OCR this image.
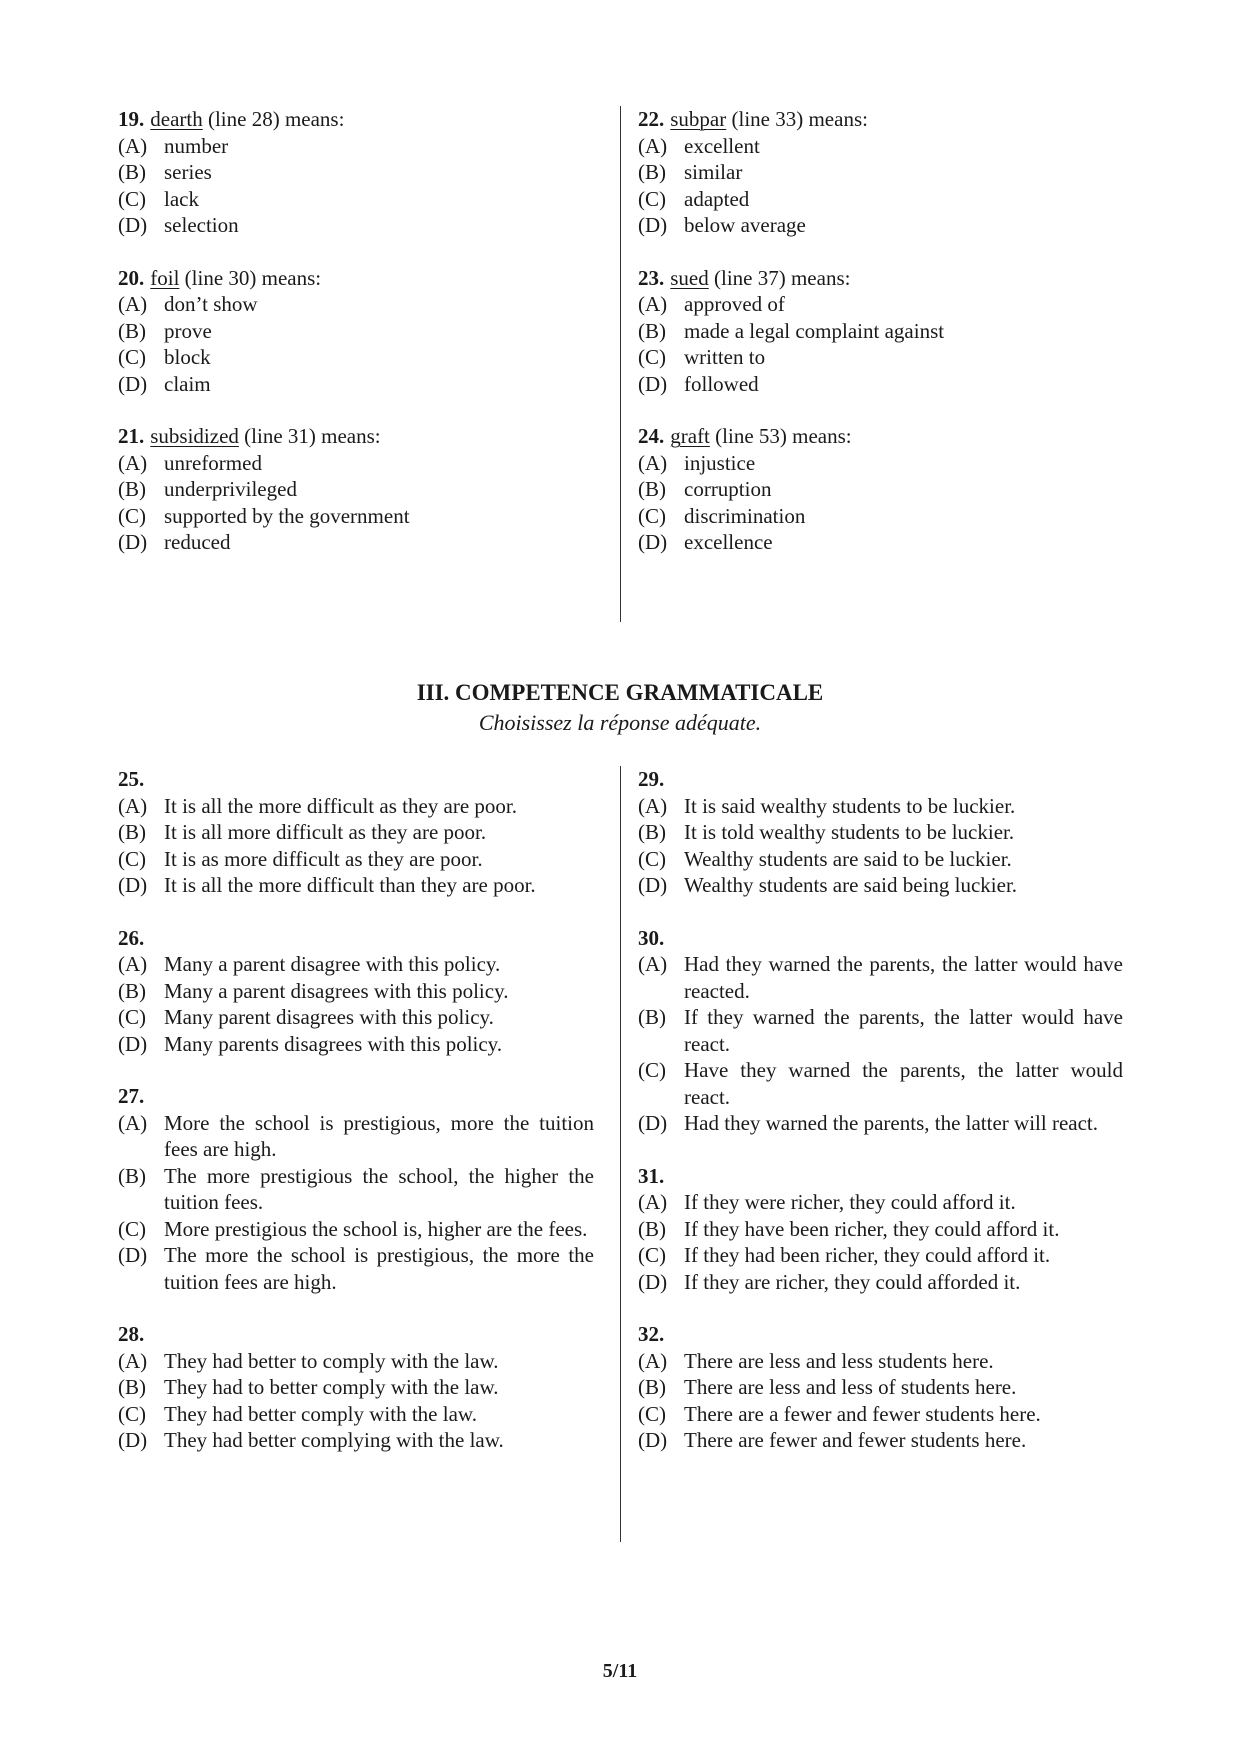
19. dearth (line 28) means:
(A) number
(B) series
(C) lack
(D) selection
20. foil (line 30) means:
(A) don’t show
(B) prove
(C) block
(D) claim
21. subsidized (line 31) means:
(A) unreformed
(B) underprivileged
(C) supported by the government
(D) reduced
22. subpar (line 33) means:
(A) excellent
(B) similar
(C) adapted
(D) below average
23. sued (line 37) means:
(A) approved of
(B) made a legal complaint against
(C) written to
(D) followed
24. graft (line 53) means:
(A) injustice
(B) corruption
(C) discrimination
(D) excellence
III. COMPETENCE GRAMMATICALE
Choisissez la réponse adéquate.
25.
(A) It is all the more difficult as they are poor.
(B) It is all more difficult as they are poor.
(C) It is as more difficult as they are poor.
(D) It is all the more difficult than they are poor.
26.
(A) Many a parent disagree with this policy.
(B) Many a parent disagrees with this policy.
(C) Many parent disagrees with this policy.
(D) Many parents disagrees with this policy.
27.
(A) More the school is prestigious, more the tuition fees are high.
(B) The more prestigious the school, the higher the tuition fees.
(C) More prestigious the school is, higher are the fees.
(D) The more the school is prestigious, the more the tuition fees are high.
28.
(A) They had better to comply with the law.
(B) They had to better comply with the law.
(C) They had better comply with the law.
(D) They had better complying with the law.
29.
(A) It is said wealthy students to be luckier.
(B) It is told wealthy students to be luckier.
(C) Wealthy students are said to be luckier.
(D) Wealthy students are said being luckier.
30.
(A) Had they warned the parents, the latter would have reacted.
(B) If they warned the parents, the latter would have react.
(C) Have they warned the parents, the latter would react.
(D) Had they warned the parents, the latter will react.
31.
(A) If they were richer, they could afford it.
(B) If they have been richer, they could afford it.
(C) If they had been richer, they could afford it.
(D) If they are richer, they could afforded it.
32.
(A) There are less and less students here.
(B) There are less and less of students here.
(C) There are a fewer and fewer students here.
(D) There are fewer and fewer students here.
5/11
